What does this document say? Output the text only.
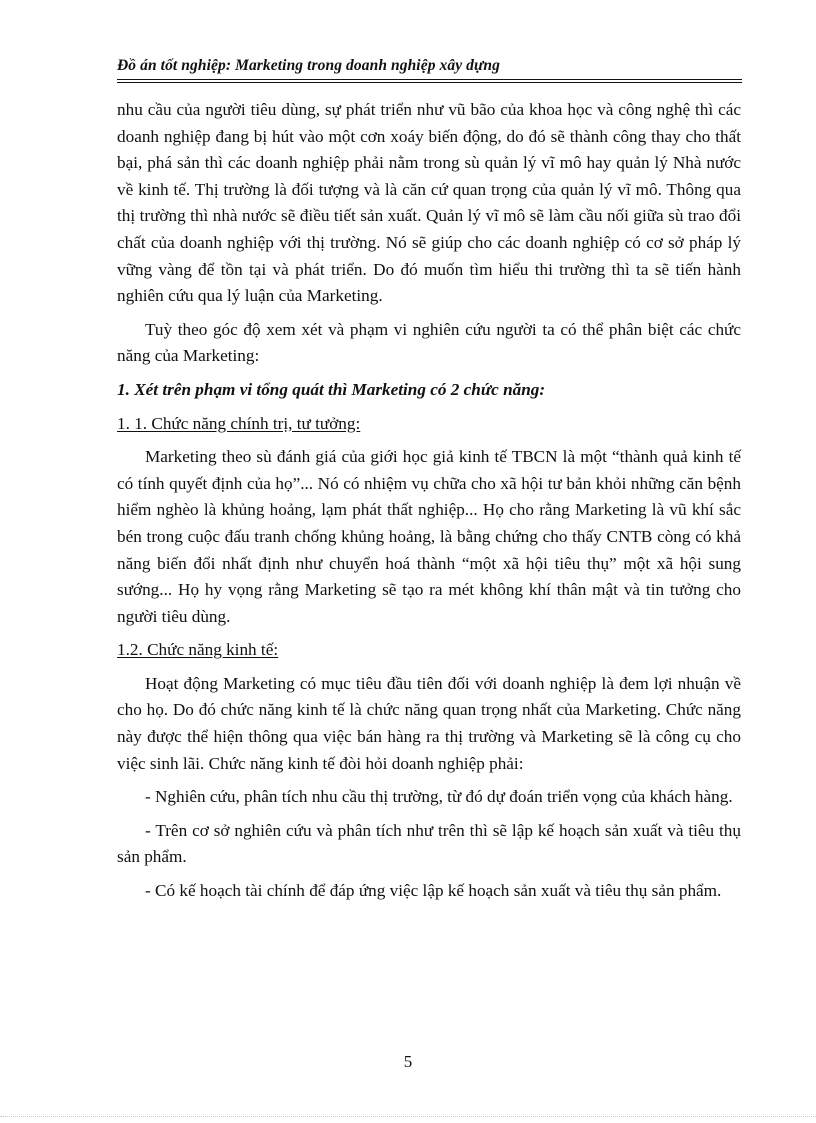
Đồ án tốt nghiệp: Marketing trong doanh nghiệp xây dựng

nhu cầu của người tiêu dùng, sự phát triển như vũ bão của khoa học và công nghệ thì các doanh nghiệp đang bị hút vào một cơn xoáy biến động, do đó sẽ thành công thay cho thất bại, phá sản thì các doanh nghiệp phải nằm trong sù quản lý vĩ mô hay quản lý Nhà nước về kinh tế. Thị trường là đối tượng và là căn cứ quan trọng của quản lý vĩ mô. Thông qua thị trường thì nhà nước sẽ điều tiết sản xuất. Quản lý vĩ mô sẽ làm cầu nối giữa sù trao đổi chất của doanh nghiệp với thị trường. Nó sẽ giúp cho các doanh nghiệp có cơ sở pháp lý vững vàng để tồn tại và phát triển. Do đó muốn tìm hiểu thi trường thì ta sẽ tiến hành nghiên cứu qua lý luận của Marketing.

Tuỳ theo góc độ xem xét và phạm vi nghiên cứu người ta có thể phân biệt các chức năng của Marketing:

1. Xét trên phạm vi tổng quát thì Marketing có 2 chức năng:

1. 1. Chức năng chính trị, tư tưởng:

Marketing theo sù đánh giá của giới học giả kinh tế TBCN là một “thành quả kinh tế có tính quyết định của họ”... Nó có nhiệm vụ chữa cho xã hội tư bản khỏi những căn bệnh hiểm nghèo là khủng hoảng, lạm phát thất nghiệp... Họ cho rằng Marketing là vũ khí sắc bén trong cuộc đấu tranh chống khủng hoảng, là bằng chứng cho thấy CNTB còng có khả năng biến đổi nhất định như chuyển hoá thành “một xã hội tiêu thụ” một xã hội sung sướng... Họ hy vọng rằng Marketing sẽ tạo ra mét không khí thân mật và tin tưởng cho người tiêu dùng.

1.2. Chức năng kinh tế:

Hoạt động Marketing có mục tiêu đầu tiên đối với doanh nghiệp là đem lợi nhuận về cho họ. Do đó chức năng kinh tế là chức năng quan trọng nhất của Marketing. Chức năng này được thể hiện thông qua việc bán hàng ra thị trường và Marketing sẽ là công cụ cho việc sinh lãi. Chức năng kinh tế đòi hỏi doanh nghiệp phải:

- Nghiên cứu, phân tích nhu cầu thị trường, từ đó dự đoán triển vọng của khách hàng.

- Trên cơ sở nghiên cứu và phân tích như trên thì sẽ lập kế hoạch sản xuất và tiêu thụ sản phẩm.

- Có kế hoạch tài chính để đáp ứng việc lập kế hoạch sản xuất và tiêu thụ sản phẩm.

5
